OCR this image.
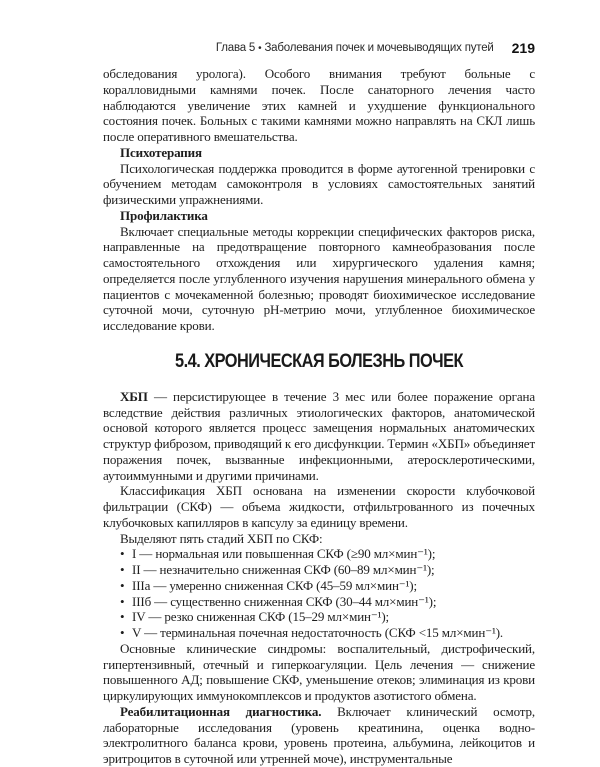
Глава 5 • Заболевания почек и мочевыводящих путей 219

обследования уролога). Особого внимания требуют больные с коралловидными камнями почек. После санаторного лечения часто наблюдаются увеличение этих камней и ухудшение функционального состояния почек. Больных с такими камнями можно направлять на СКЛ лишь после оперативного вмешательства.

Психотерапия

Психологическая поддержка проводится в форме аутогенной тренировки с обучением методам самоконтроля в условиях самостоятельных занятий физическими упражнениями.

Профилактика

Включает специальные методы коррекции специфических факторов риска, направленные на предотвращение повторного камнеобразования после самостоятельного отхождения или хирургического удаления камня; определяется после углубленного изучения нарушения минерального обмена у пациентов с мочекаменной болезнью; проводят биохимическое исследование суточной мочи, суточную pH-метрию мочи, углубленное биохимическое исследование крови.

5.4. ХРОНИЧЕСКАЯ БОЛЕЗНЬ ПОЧЕК

ХБП — персистирующее в течение 3 мес или более поражение органа вследствие действия различных этиологических факторов, анатомической основой которого является процесс замещения нормальных анатомических структур фиброзом, приводящий к его дисфункции. Термин «ХБП» объединяет поражения почек, вызванные инфекционными, атеросклеротическими, аутоиммунными и другими причинами.

Классификация ХБП основана на изменении скорости клубочковой фильтрации (СКФ) — объема жидкости, отфильтрованного из почечных клубочковых капилляров в капсулу за единицу времени.

Выделяют пять стадий ХБП по СКФ:

• I — нормальная или повышенная СКФ (≥90 мл×мин⁻¹);
• II — незначительно сниженная СКФ (60–89 мл×мин⁻¹);
• IIIa — умеренно сниженная СКФ (45–59 мл×мин⁻¹);
• IIIб — существенно сниженная СКФ (30–44 мл×мин⁻¹);
• IV — резко сниженная СКФ (15–29 мл×мин⁻¹);
• V — терминальная почечная недостаточность (СКФ <15 мл×мин⁻¹).

Основные клинические синдромы: воспалительный, дистрофический, гипертензивный, отечный и гиперкоагуляции. Цель лечения — снижение повышенного АД; повышение СКФ, уменьшение отеков; элиминация из крови циркулирующих иммунокомплексов и продуктов азотистого обмена.

Реабилитационная диагностика. Включает клинический осмотр, лабораторные исследования (уровень креатинина, оценка водно-электролитного баланса крови, уровень протеина, альбумина, лейкоцитов и эритроцитов в суточной или утренней моче), инструментальные
